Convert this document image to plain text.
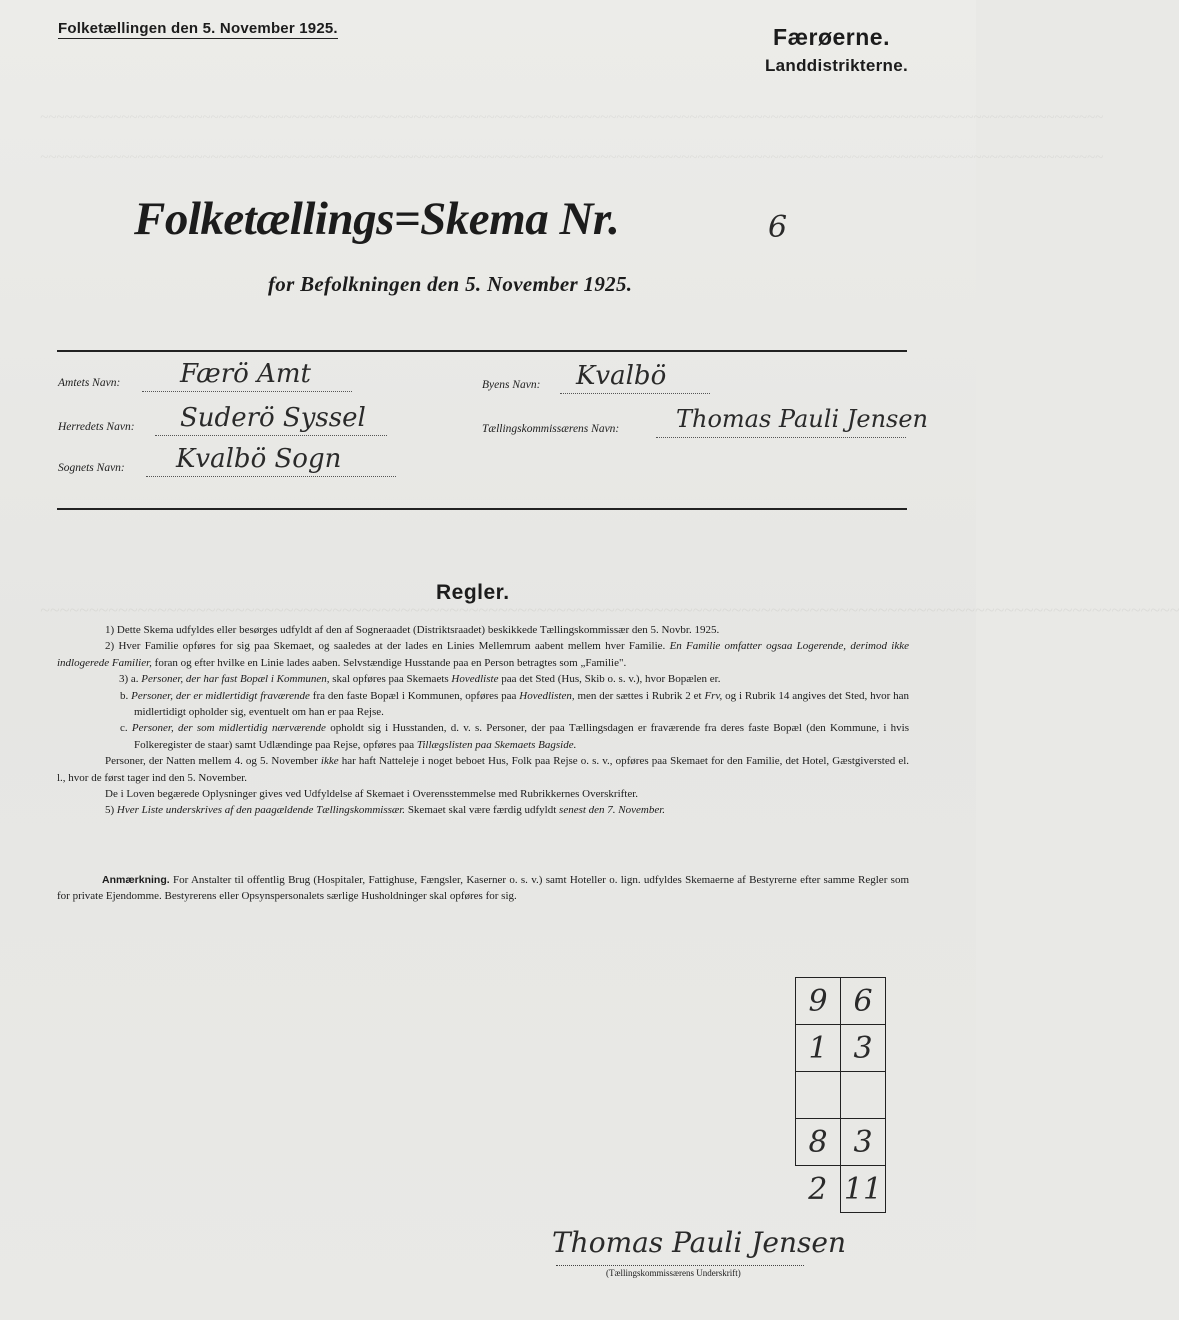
~~~~~~~~~~~~~~~~~~~~~~~~~~~~~~~~~~~~~~~~~~~~~~~~~~~~~~~~~~~~~~~~~~~~~~~~~~~~~~~~~~~~~~~~~~~~~~~~~~~~~~~~~~~~~~~~~~~~~~~~~~~~~~~~~~~
~~~~~~~~~~~~~~~~~~~~~~~~~~~~~~~~~~~~~~~~~~~~~~~~~~~~~~~~~~~~~~~~~~~~~~~~~~~~~~~~~~~~~~~~~~~~~~~~~~~~~~~~~~~~~~~~~~~~~~~~~~~~~~~~~~~
~~~~~~~~~~~~~~~~~~~~~~~~~~~~~~~~~~~~~~~~~~~~~~~~~~~~~~~~~~~~~~~~~~~~~~~~~~~~~~~~~~~~~~~~~~~~~~~~~~~~~~~~~~~~~~~~~~~~~
Folketællingen den 5. November 1925.	Færøerne.
Landdistrikterne.
Folketællings=Skema Nr.	6
for Befolkningen den 5. November 1925.
Amtets Navn: Færö Amt
Herredets Navn: Suderö Syssel
Sognets Navn: Kvalbö Sogn
Byens Navn: Kvalbö
Tællingskommissærens Navn: Thomas Pauli Jensen
Regler.

1) Dette Skema udfyldes eller besørges udfyldt af den af Sogneraadet (Distriktsraadet) beskikkede Tællingskommissær den 5. Novbr. 1925.

2) Hver Familie opføres for sig paa Skemaet, og saaledes at der lades en Linies Mellemrum aabent mellem hver Familie. En Familie omfatter ogsaa Logerende, derimod ikke indlogerede Familier, foran og efter hvilke en Linie lades aaben. Selvstændige Husstande paa en Person betragtes som „Familie".

3) a. Personer, der har fast Bopæl i Kommunen, skal opføres paa Skemaets Hovedliste paa det Sted (Hus, Skib o. s. v.), hvor Bopælen er.

b. Personer, der er midlertidigt fraværende fra den faste Bopæl i Kommunen, opføres paa Hovedlisten, men der sættes i Rubrik 2 et Frv, og i Rubrik 14 angives det Sted, hvor han midlertidigt opholder sig, eventuelt om han er paa Rejse.

c. Personer, der som midlertidig nærværende opholdt sig i Husstanden, d. v. s. Personer, der paa Tællingsdagen er fraværende fra deres faste Bopæl (den Kommune, i hvis Folkeregister de staar) samt Udlændinge paa Rejse, opføres paa Tillægslisten paa Skemaets Bagside.

Personer, der Natten mellem 4. og 5. November ikke har haft Natteleje i noget beboet Hus, Folk paa Rejse o. s. v., opføres paa Skemaet for den Familie, det Hotel, Gæstgiversted el. l., hvor de først tager ind den 5. November.

De i Loven begærede Oplysninger gives ved Udfyldelse af Skemaet i Overensstemmelse med Rubrikkernes Overskrifter.

5) Hver Liste underskrives af den paagældende Tællingskommissær. Skemaet skal være færdig udfyldt senest den 7. November.

Anmærkning. For Anstalter til offentlig Brug (Hospitaler, Fattighuse, Fængsler, Kaserner o. s. v.) samt Hoteller o. lign. udfyldes Skemaerne af Bestyrerne efter samme Regler som for private Ejendomme. Bestyrerens eller Opsynspersonalets særlige Husholdninger skal opføres for sig.
9	6
1	3

8	3
2	11
Thomas Pauli Jensen
(Tællingskommissærens Underskrift)
